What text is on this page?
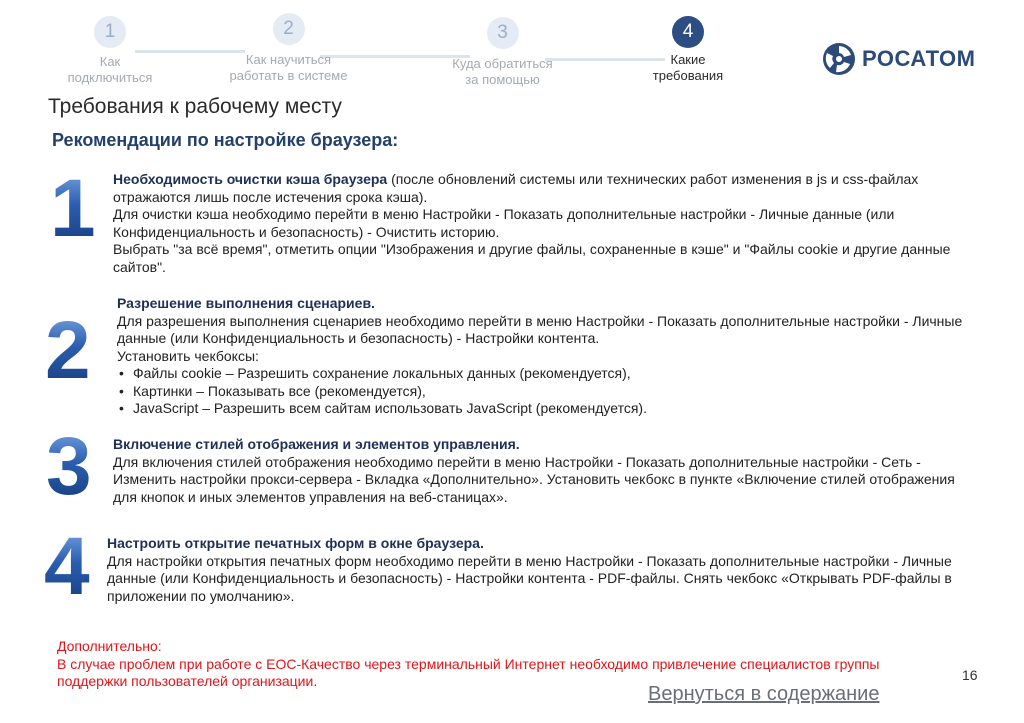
1
Как
подключиться
2
Как научиться
работать в системе
3
Куда обратиться
за помощью
4
Какие
требования
РОСАТОМ
Требования к рабочему месту
Рекомендации по настройке браузера:
1 Необходимость очистки кэша браузера (после обновлений системы или технических работ изменения в js и css-файлах отражаются лишь после истечения срока кэша).

Для очистки кэша необходимо перейти в меню Настройки - Показать дополнительные настройки - Личные данные (или Конфиденциальность и безопасность) - Очистить историю.

Выбрать "за всё время", отметить опции "Изображения и другие файлы, сохраненные в кэше" и "Файлы cookie и другие данные сайтов".

2

Разрешение выполнения сценариев.

Для разрешения выполнения сценариев необходимо перейти в меню Настройки - Показать дополнительные настройки - Личные данные (или Конфиденциальность и безопасность) - Настройки контента.

Установить чекбоксы:

• Файлы cookie – Разрешить сохранение локальных данных (рекомендуется),
• Картинки – Показывать все (рекомендуется),
• JavaScript – Разрешить всем сайтам использовать JavaScript (рекомендуется).
3 Включение стилей отображения и элементов управления.

Для включения стилей отображения необходимо перейти в меню Настройки - Показать дополнительные настройки - Сеть - Изменить настройки прокси-сервера - Вкладка «Дополнительно». Установить чекбокс в пункте «Включение стилей отображения для кнопок и иных элементов управления на веб-станицах».

4 Настроить открытие печатных форм в окне браузера.

Для настройки открытия печатных форм необходимо перейти в меню Настройки - Показать дополнительные настройки - Личные данные (или Конфиденциальность и безопасность) - Настройки контента - PDF-файлы. Снять чекбокс «Открывать PDF-файлы в приложении по умолчанию».

Дополнительно:
В случае проблем при работе с ЕОС-Качество через терминальный Интернет необходимо привлечение специалистов группы поддержки пользователей организации.	16
Вернуться в содержание
